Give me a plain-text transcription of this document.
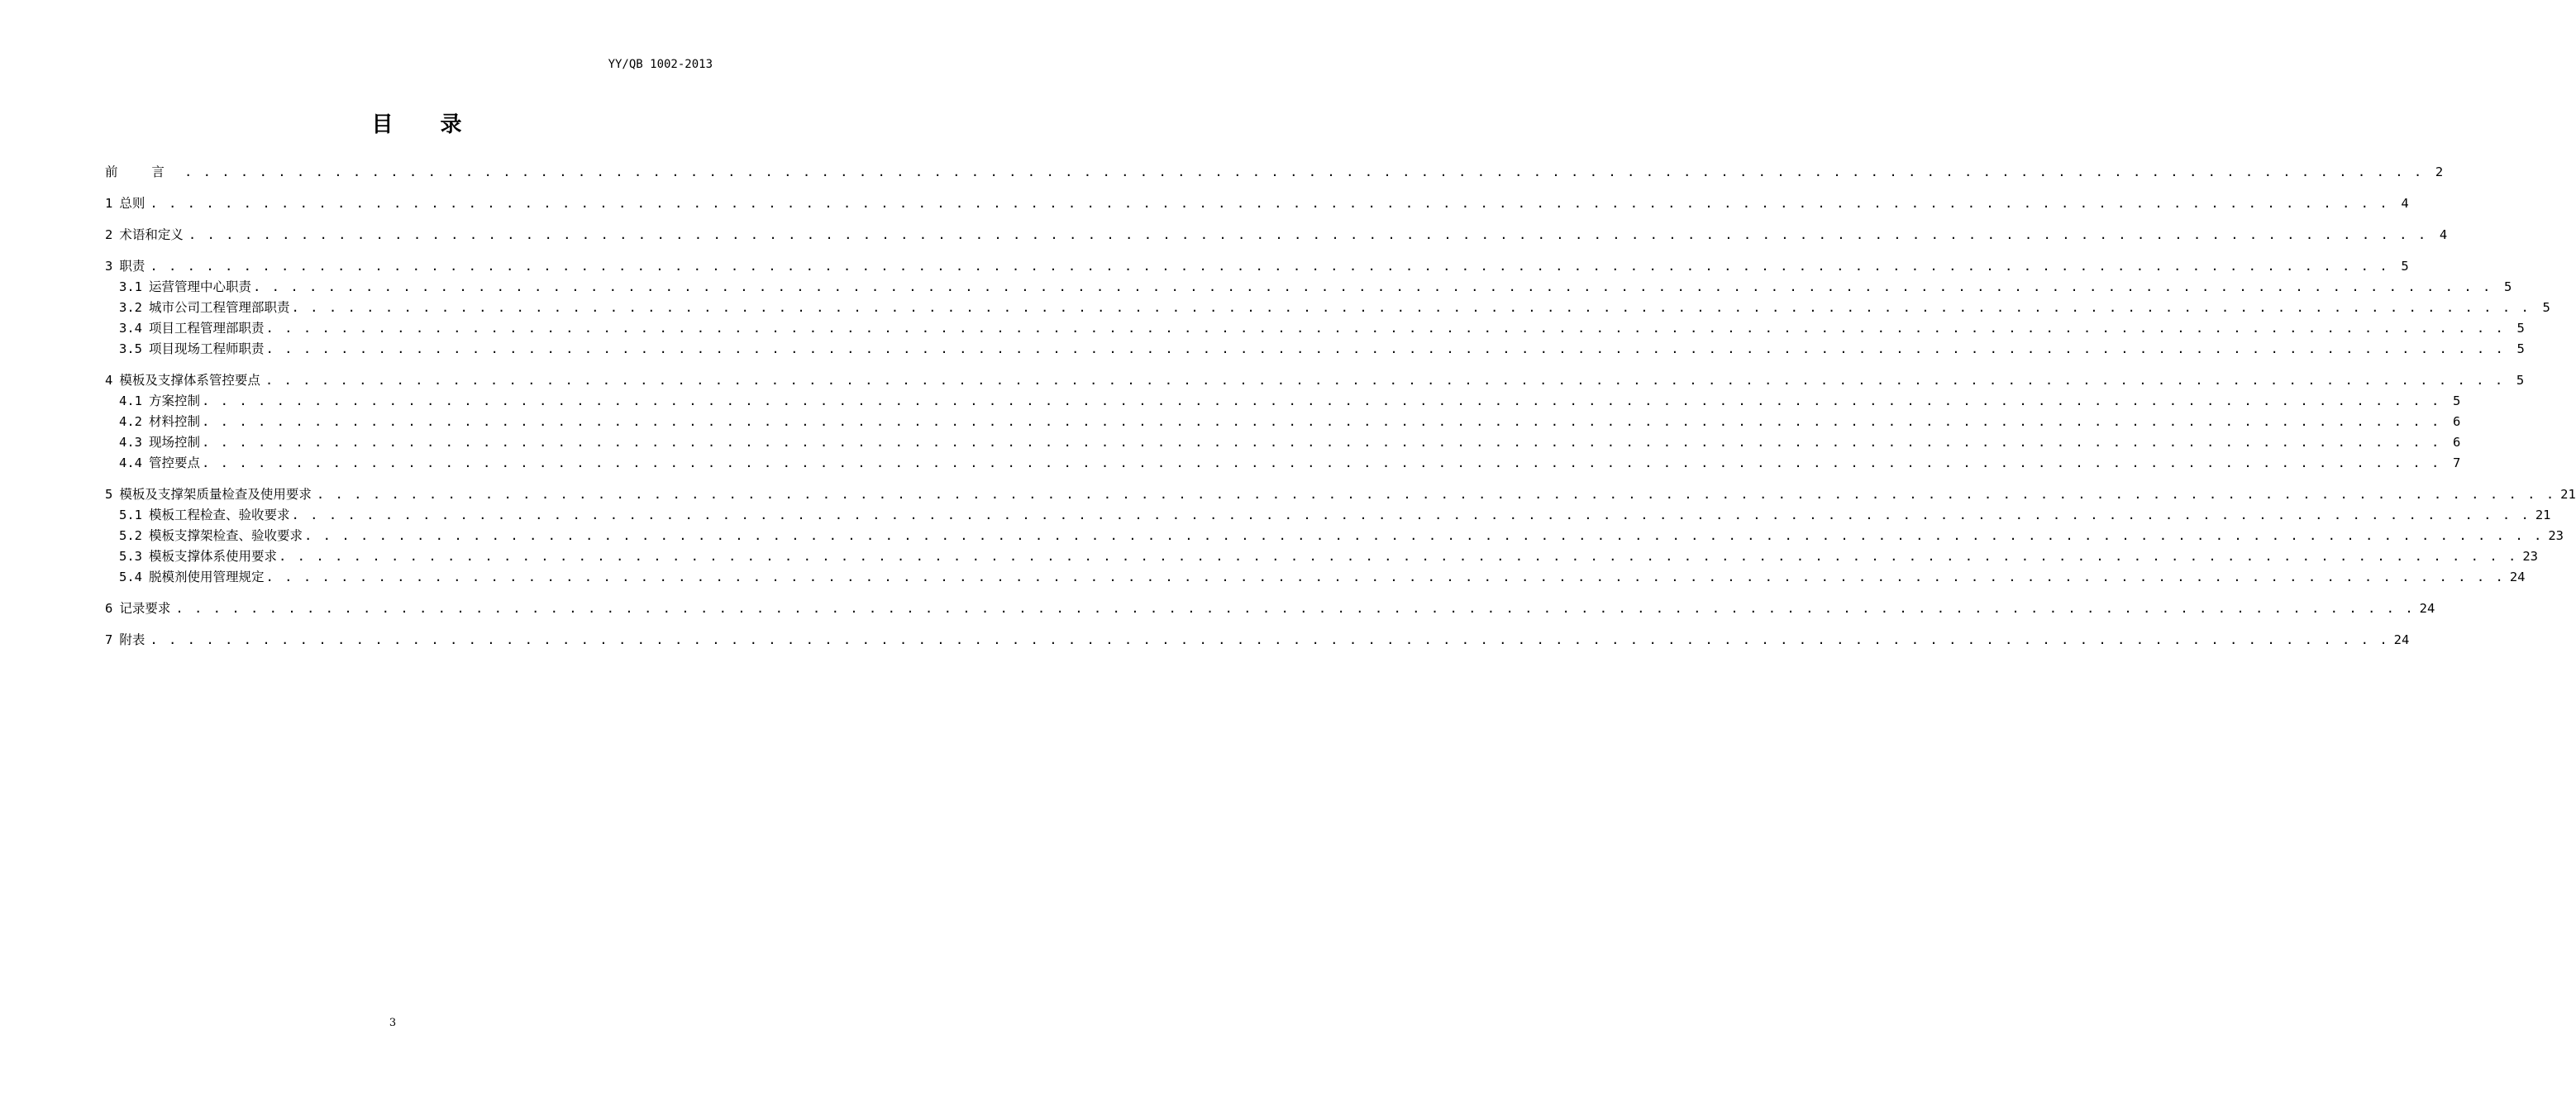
YY/QB 1002-2013
目 录
前 言 . . . . . . . . . . . . . . . . . . . . . . . . . . . . . . . . . . . . . . . . . . . . . . . . . . . . . . . . . . . . . . . . . . . . . . . . . . . . . . . . . . . . . . . . . . . . . . . . . . . . . . . . . . . . . . . . . . . . . . . . 2
1 总则 . . . . . . . . . . . . . . . . . . . . . . . . . . . . . . . . . . . . . . . . . . . . . . . . . . . . . . . . . . . . . . . . . . . . . . . . . . . . . . . . . . . . . . . . . . . . . . . . . . . . . . . . . . . . . . . . . . . . . . . . 4
2 术语和定义 . . . . . . . . . . . . . . . . . . . . . . . . . . . . . . . . . . . . . . . . . . . . . . . . . . . . . . . . . . . . . . . . . . . . . . . . . . . . . . . . . . . . . . . . . . . . . . . . . . . . . . . . . . . . . . . . . . . . . . . . 4
3 职责 . . . . . . . . . . . . . . . . . . . . . . . . . . . . . . . . . . . . . . . . . . . . . . . . . . . . . . . . . . . . . . . . . . . . . . . . . . . . . . . . . . . . . . . . . . . . . . . . . . . . . . . . . . . . . . . . . . . . . . . . 5
3.1 运营管理中心职责 . . . . . . . . . . . . . . . . . . . . . . . . . . . . . . . . . . . . . . . . . . . . . . . . . . . . . . . . . . . . . . . . . . . . . . . . . . . . . . . . . . . . . . . . . . . . . . . . . . . . . . . . . . . . . . . . . . . . . . . . 5
3.2 城市公司工程管理部职责 . . . . . . . . . . . . . . . . . . . . . . . . . . . . . . . . . . . . . . . . . . . . . . . . . . . . . . . . . . . . . . . . . . . . . . . . . . . . . . . . . . . . . . . . . . . . . . . . . . . . . . . . . . . . . . . . . . . . . . . . 5
3.4 项目工程管理部职责 . . . . . . . . . . . . . . . . . . . . . . . . . . . . . . . . . . . . . . . . . . . . . . . . . . . . . . . . . . . . . . . . . . . . . . . . . . . . . . . . . . . . . . . . . . . . . . . . . . . . . . . . . . . . . . . . . . . . . . . . 5
3.5 项目现场工程师职责 . . . . . . . . . . . . . . . . . . . . . . . . . . . . . . . . . . . . . . . . . . . . . . . . . . . . . . . . . . . . . . . . . . . . . . . . . . . . . . . . . . . . . . . . . . . . . . . . . . . . . . . . . . . . . . . . . . . . . . . . 5
4 模板及支撑体系管控要点 . . . . . . . . . . . . . . . . . . . . . . . . . . . . . . . . . . . . . . . . . . . . . . . . . . . . . . . . . . . . . . . . . . . . . . . . . . . . . . . . . . . . . . . . . . . . . . . . . . . . . . . . . . . . . . . . . . . . . . . . 5
4.1 方案控制 . . . . . . . . . . . . . . . . . . . . . . . . . . . . . . . . . . . . . . . . . . . . . . . . . . . . . . . . . . . . . . . . . . . . . . . . . . . . . . . . . . . . . . . . . . . . . . . . . . . . . . . . . . . . . . . . . . . . . . . . 5
4.2 材料控制 . . . . . . . . . . . . . . . . . . . . . . . . . . . . . . . . . . . . . . . . . . . . . . . . . . . . . . . . . . . . . . . . . . . . . . . . . . . . . . . . . . . . . . . . . . . . . . . . . . . . . . . . . . . . . . . . . . . . . . . . 6
4.3 现场控制 . . . . . . . . . . . . . . . . . . . . . . . . . . . . . . . . . . . . . . . . . . . . . . . . . . . . . . . . . . . . . . . . . . . . . . . . . . . . . . . . . . . . . . . . . . . . . . . . . . . . . . . . . . . . . . . . . . . . . . . . 6
4.4 管控要点 . . . . . . . . . . . . . . . . . . . . . . . . . . . . . . . . . . . . . . . . . . . . . . . . . . . . . . . . . . . . . . . . . . . . . . . . . . . . . . . . . . . . . . . . . . . . . . . . . . . . . . . . . . . . . . . . . . . . . . . . 7
5 模板及支撑架质量检查及使用要求 . . . . . . . . . . . . . . . . . . . . . . . . . . . . . . . . . . . . . . . . . . . . . . . . . . . . . . . . . . . . . . . . . . . . . . . . . . . . . . . . . . . . . . . . . . . . . . . . . . . . . . . . . . . . . . . . . . . . . . . . 21
5.1 模板工程检查、验收要求 . . . . . . . . . . . . . . . . . . . . . . . . . . . . . . . . . . . . . . . . . . . . . . . . . . . . . . . . . . . . . . . . . . . . . . . . . . . . . . . . . . . . . . . . . . . . . . . . . . . . . . . . . . . . . . . . . . . . . . . . 21
5.2 模板支撑架检查、验收要求 . . . . . . . . . . . . . . . . . . . . . . . . . . . . . . . . . . . . . . . . . . . . . . . . . . . . . . . . . . . . . . . . . . . . . . . . . . . . . . . . . . . . . . . . . . . . . . . . . . . . . . . . . . . . . . . . . . . . . . . . 23
5.3 模板支撑体系使用要求 . . . . . . . . . . . . . . . . . . . . . . . . . . . . . . . . . . . . . . . . . . . . . . . . . . . . . . . . . . . . . . . . . . . . . . . . . . . . . . . . . . . . . . . . . . . . . . . . . . . . . . . . . . . . . . . . . . . . . . . . 23
5.4 脱模剂使用管理规定 . . . . . . . . . . . . . . . . . . . . . . . . . . . . . . . . . . . . . . . . . . . . . . . . . . . . . . . . . . . . . . . . . . . . . . . . . . . . . . . . . . . . . . . . . . . . . . . . . . . . . . . . . . . . . . . . . . . . . . . . 24
6 记录要求 . . . . . . . . . . . . . . . . . . . . . . . . . . . . . . . . . . . . . . . . . . . . . . . . . . . . . . . . . . . . . . . . . . . . . . . . . . . . . . . . . . . . . . . . . . . . . . . . . . . . . . . . . . . . . . . . . . . . . . . . 24
7 附表 . . . . . . . . . . . . . . . . . . . . . . . . . . . . . . . . . . . . . . . . . . . . . . . . . . . . . . . . . . . . . . . . . . . . . . . . . . . . . . . . . . . . . . . . . . . . . . . . . . . . . . . . . . . . . . . . . . . . . . . . 24
3
